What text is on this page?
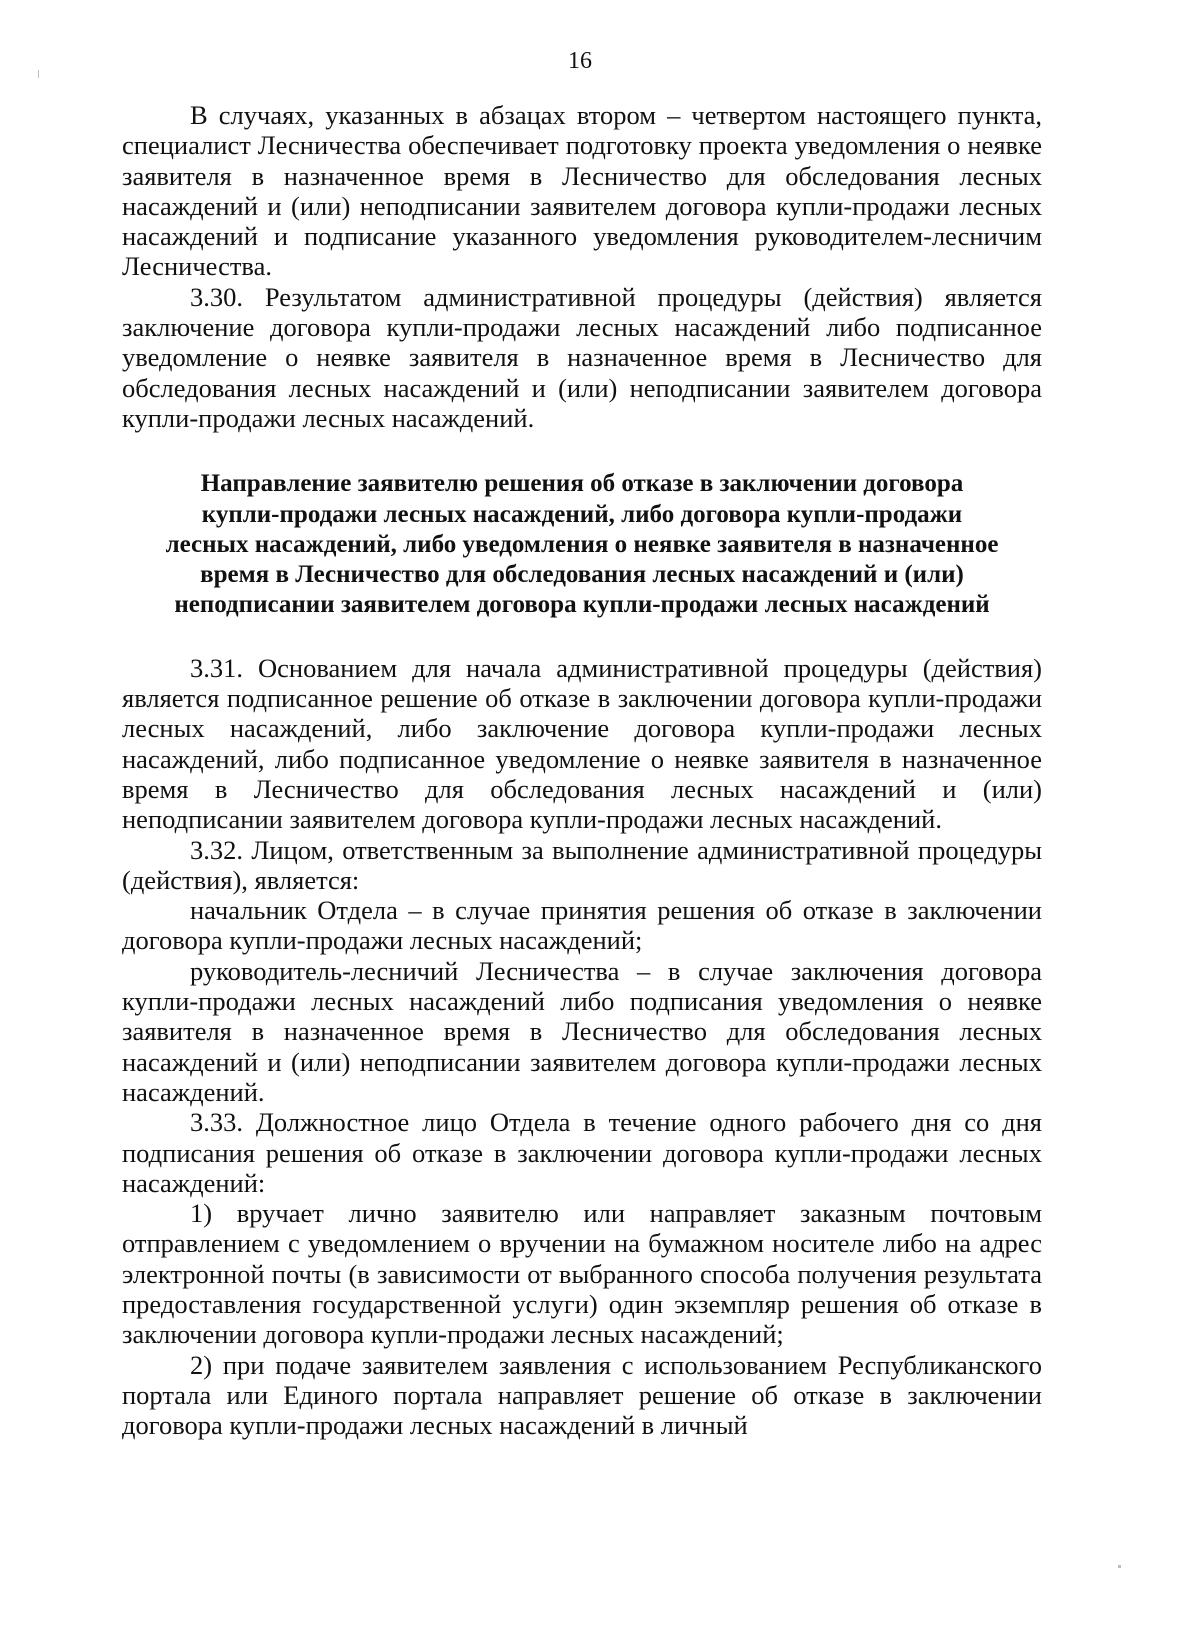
16

В случаях, указанных в абзацах втором – четвертом настоящего пункта, специалист Лесничества обеспечивает подготовку проекта уведомления о неявке заявителя в назначенное время в Лесничество для обследования лесных насаждений и (или) неподписании заявителем договора купли-продажи лесных насаждений и подписание указанного уведомления руководителем-лесничим Лесничества.

3.30. Результатом административной процедуры (действия) является заключение договора купли-продажи лесных насаждений либо подписанное уведомление о неявке заявителя в назначенное время в Лесничество для обследования лесных насаждений и (или) неподписании заявителем договора купли-продажи лесных насаждений.

Направление заявителю решения об отказе в заключении договора
купли-продажи лесных насаждений, либо договора купли-продажи
лесных насаждений, либо уведомления о неявке заявителя в назначенное
время в Лесничество для обследования лесных насаждений и (или)
неподписании заявителем договора купли-продажи лесных насаждений

3.31. Основанием для начала административной процедуры (действия) является подписанное решение об отказе в заключении договора купли-продажи лесных насаждений, либо заключение договора купли-продажи лесных насаждений, либо подписанное уведомление о неявке заявителя в назначенное время в Лесничество для обследования лесных насаждений и (или) неподписании заявителем договора купли-продажи лесных насаждений.

3.32. Лицом, ответственным за выполнение административной процедуры (действия), является:

начальник Отдела – в случае принятия решения об отказе в заключении договора купли-продажи лесных насаждений;

руководитель-лесничий Лесничества – в случае заключения договора купли-продажи лесных насаждений либо подписания уведомления о неявке заявителя в назначенное время в Лесничество для обследования лесных насаждений и (или) неподписании заявителем договора купли-продажи лесных насаждений.

3.33. Должностное лицо Отдела в течение одного рабочего дня со дня подписания решения об отказе в заключении договора купли-продажи лесных насаждений:

1) вручает лично заявителю или направляет заказным почтовым отправлением с уведомлением о вручении на бумажном носителе либо на адрес электронной почты (в зависимости от выбранного способа получения результата предоставления государственной услуги) один экземпляр решения об отказе в заключении договора купли-продажи лесных насаждений;

2) при подаче заявителем заявления с использованием Республиканского портала или Единого портала направляет решение об отказе в заключении договора купли-продажи лесных насаждений в личный
